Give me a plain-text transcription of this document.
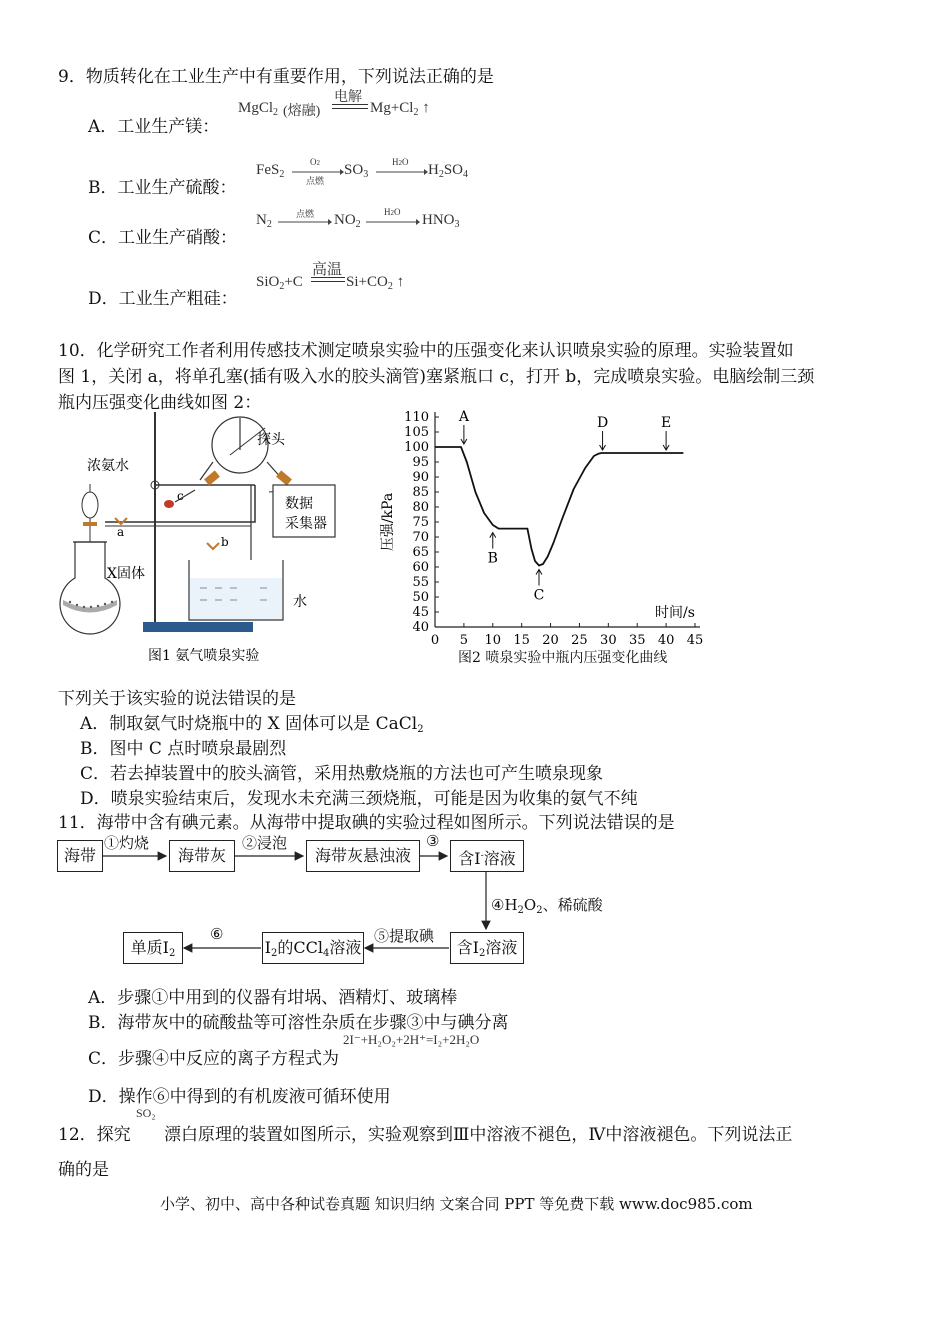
9．物质转化在工业生产中有重要作用，下列说法正确的是
A．工业生产镁：
MgCl$_2$ (熔融)
电解
$Mg+Cl_2$ ↑
B．工业生产硫酸：
FeS$_2$
O2
点燃
$SO_3$
H2O $H_2SO_4$
C．工业生产硝酸：
$N_2$
点燃 $NO_2$
H2O $HNO_3$
D．工业生产粗硅：
SiO$_2$+C
高温
$Si+CO_2$ ↑
10．化学研究工作者利用传感技术测定喷泉实验中的压强变化来认识喷泉实验的原理。实验装置如
图 1，关闭 a，将单孔塞(插有吸入水的胶头滴管)塞紧瓶口 c，打开 b，完成喷泉实验。电脑绘制三颈
瓶内压强变化曲线如图 2：
浓氨水
探头
数据
采集器
a
b
c
X固体
水
图1 氨气喷泉实验
40
45
50
55
60
65
70
75
80
85
90
95
100
105
110
0 5 10 15 20 25 30 35 40 45
时间/s
压强/kPa
A
B
C
D	E
图2 喷泉实验中瓶内压强变化曲线
下列关于该实验的说法错误的是
A．制取氨气时烧瓶中的 X 固体可以是 CaCl$_2$
B．图中 C 点时喷泉最剧烈
C．若去掉装置中的胶头滴管，采用热敷烧瓶的方法也可产生喷泉现象
D．喷泉实验结束后，发现水未充满三颈烧瓶，可能是因为收集的氨气不纯
11．海带中含有碘元素。从海带中提取碘的实验过程如图所示。下列说法错误的是
海带	海带灰	海带灰悬浊液	含I-溶液
含$I_2$溶液
$I_2$的CCl$_4$溶液
单质$I_2$
①灼烧	②浸泡	③
$④H_2O_2$、稀硫酸
⑤提取碘
⑥
A．步骤①中用到的仪器有坩埚、酒精灯、玻璃棒
B．海带灰中的硫酸盐等可溶性杂质在步骤③中与碘分离
C．步骤④中反应的离子方程式为
2I⁻+H₂O₂+2H⁺=I₂+2H₂O
D．操作⑥中得到的有机废液可循环使用
12．探究
SO₂
漂白原理的装置如图所示，实验观察到Ⅲ中溶液不褪色，Ⅳ中溶液褪色。下列说法正
确的是
小学、初中、高中各种试卷真题 知识归纳 文案合同 PPT 等免费下载 www.doc985.com
